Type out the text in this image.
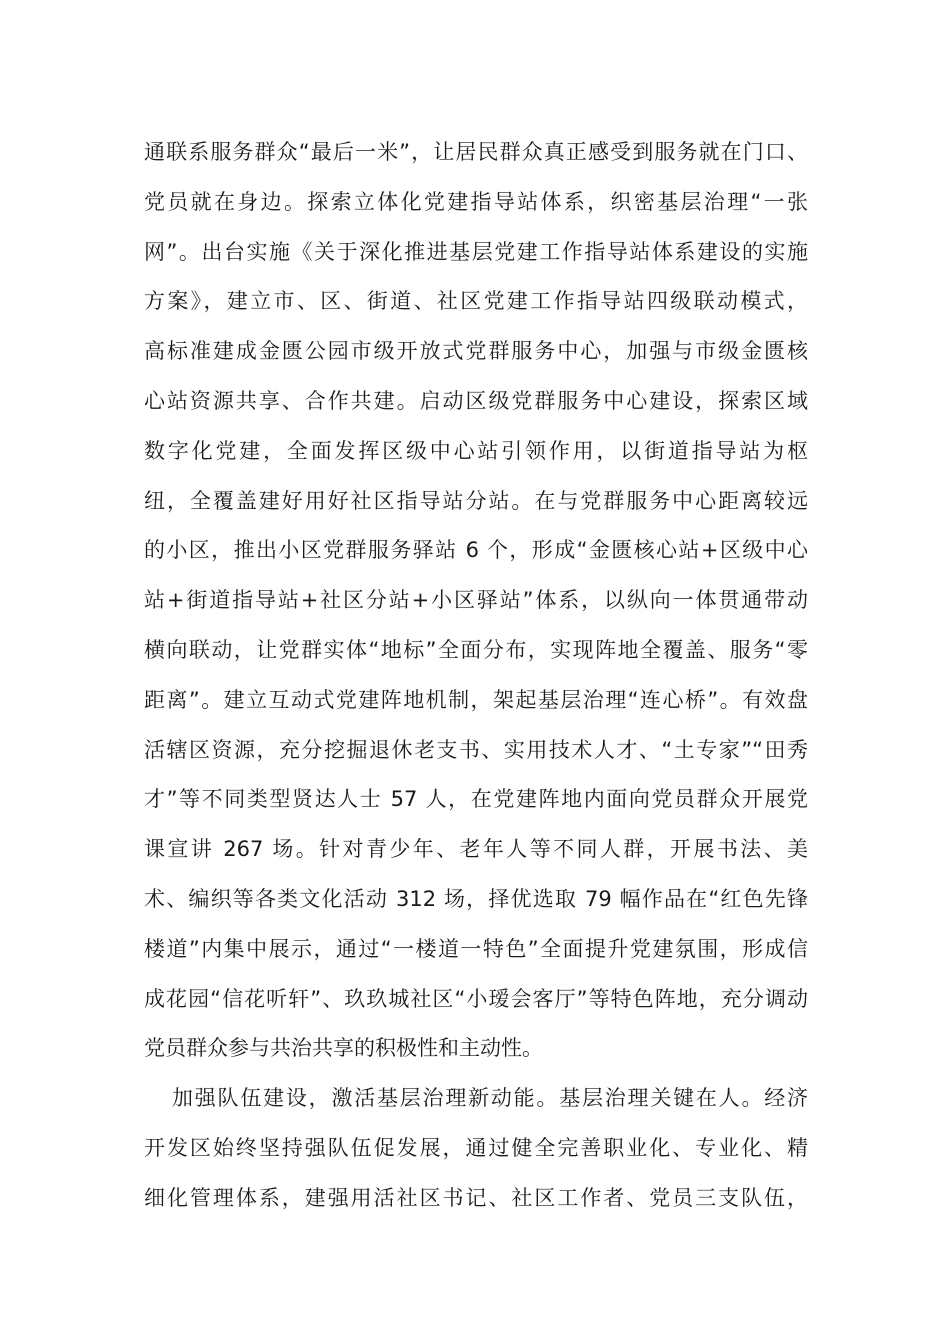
通联系服务群众“最后一米”，让居民群众真正感受到服务就在门口、
党员就在身边。探索立体化党建指导站体系，织密基层治理“一张
网”。出台实施《关于深化推进基层党建工作指导站体系建设的实施
方案》，建立市、区、街道、社区党建工作指导站四级联动模式，
高标准建成金匮公园市级开放式党群服务中心，加强与市级金匮核
心站资源共享、合作共建。启动区级党群服务中心建设，探索区域
数字化党建，全面发挥区级中心站引领作用，以街道指导站为枢
纽，全覆盖建好用好社区指导站分站。在与党群服务中心距离较远
的小区，推出小区党群服务驿站 6 个，形成“金匮核心站+区级中心
站+街道指导站+社区分站+小区驿站”体系，以纵向一体贯通带动
横向联动，让党群实体“地标”全面分布，实现阵地全覆盖、服务“零
距离”。建立互动式党建阵地机制，架起基层治理“连心桥”。有效盘
活辖区资源，充分挖掘退休老支书、实用技术人才、“土专家”“田秀
才”等不同类型贤达人士 57 人，在党建阵地内面向党员群众开展党
课宣讲 267 场。针对青少年、老年人等不同人群，开展书法、美
术、编织等各类文化活动 312 场，择优选取 79 幅作品在“红色先锋
楼道”内集中展示，通过“一楼道一特色”全面提升党建氛围，形成信
成花园“信花听轩”、玖玖城社区“小瑷会客厅”等特色阵地，充分调动
党员群众参与共治共享的积极性和主动性。
加强队伍建设，激活基层治理新动能。基层治理关键在人。经济
开发区始终坚持强队伍促发展，通过健全完善职业化、专业化、精
细化管理体系，建强用活社区书记、社区工作者、党员三支队伍，
